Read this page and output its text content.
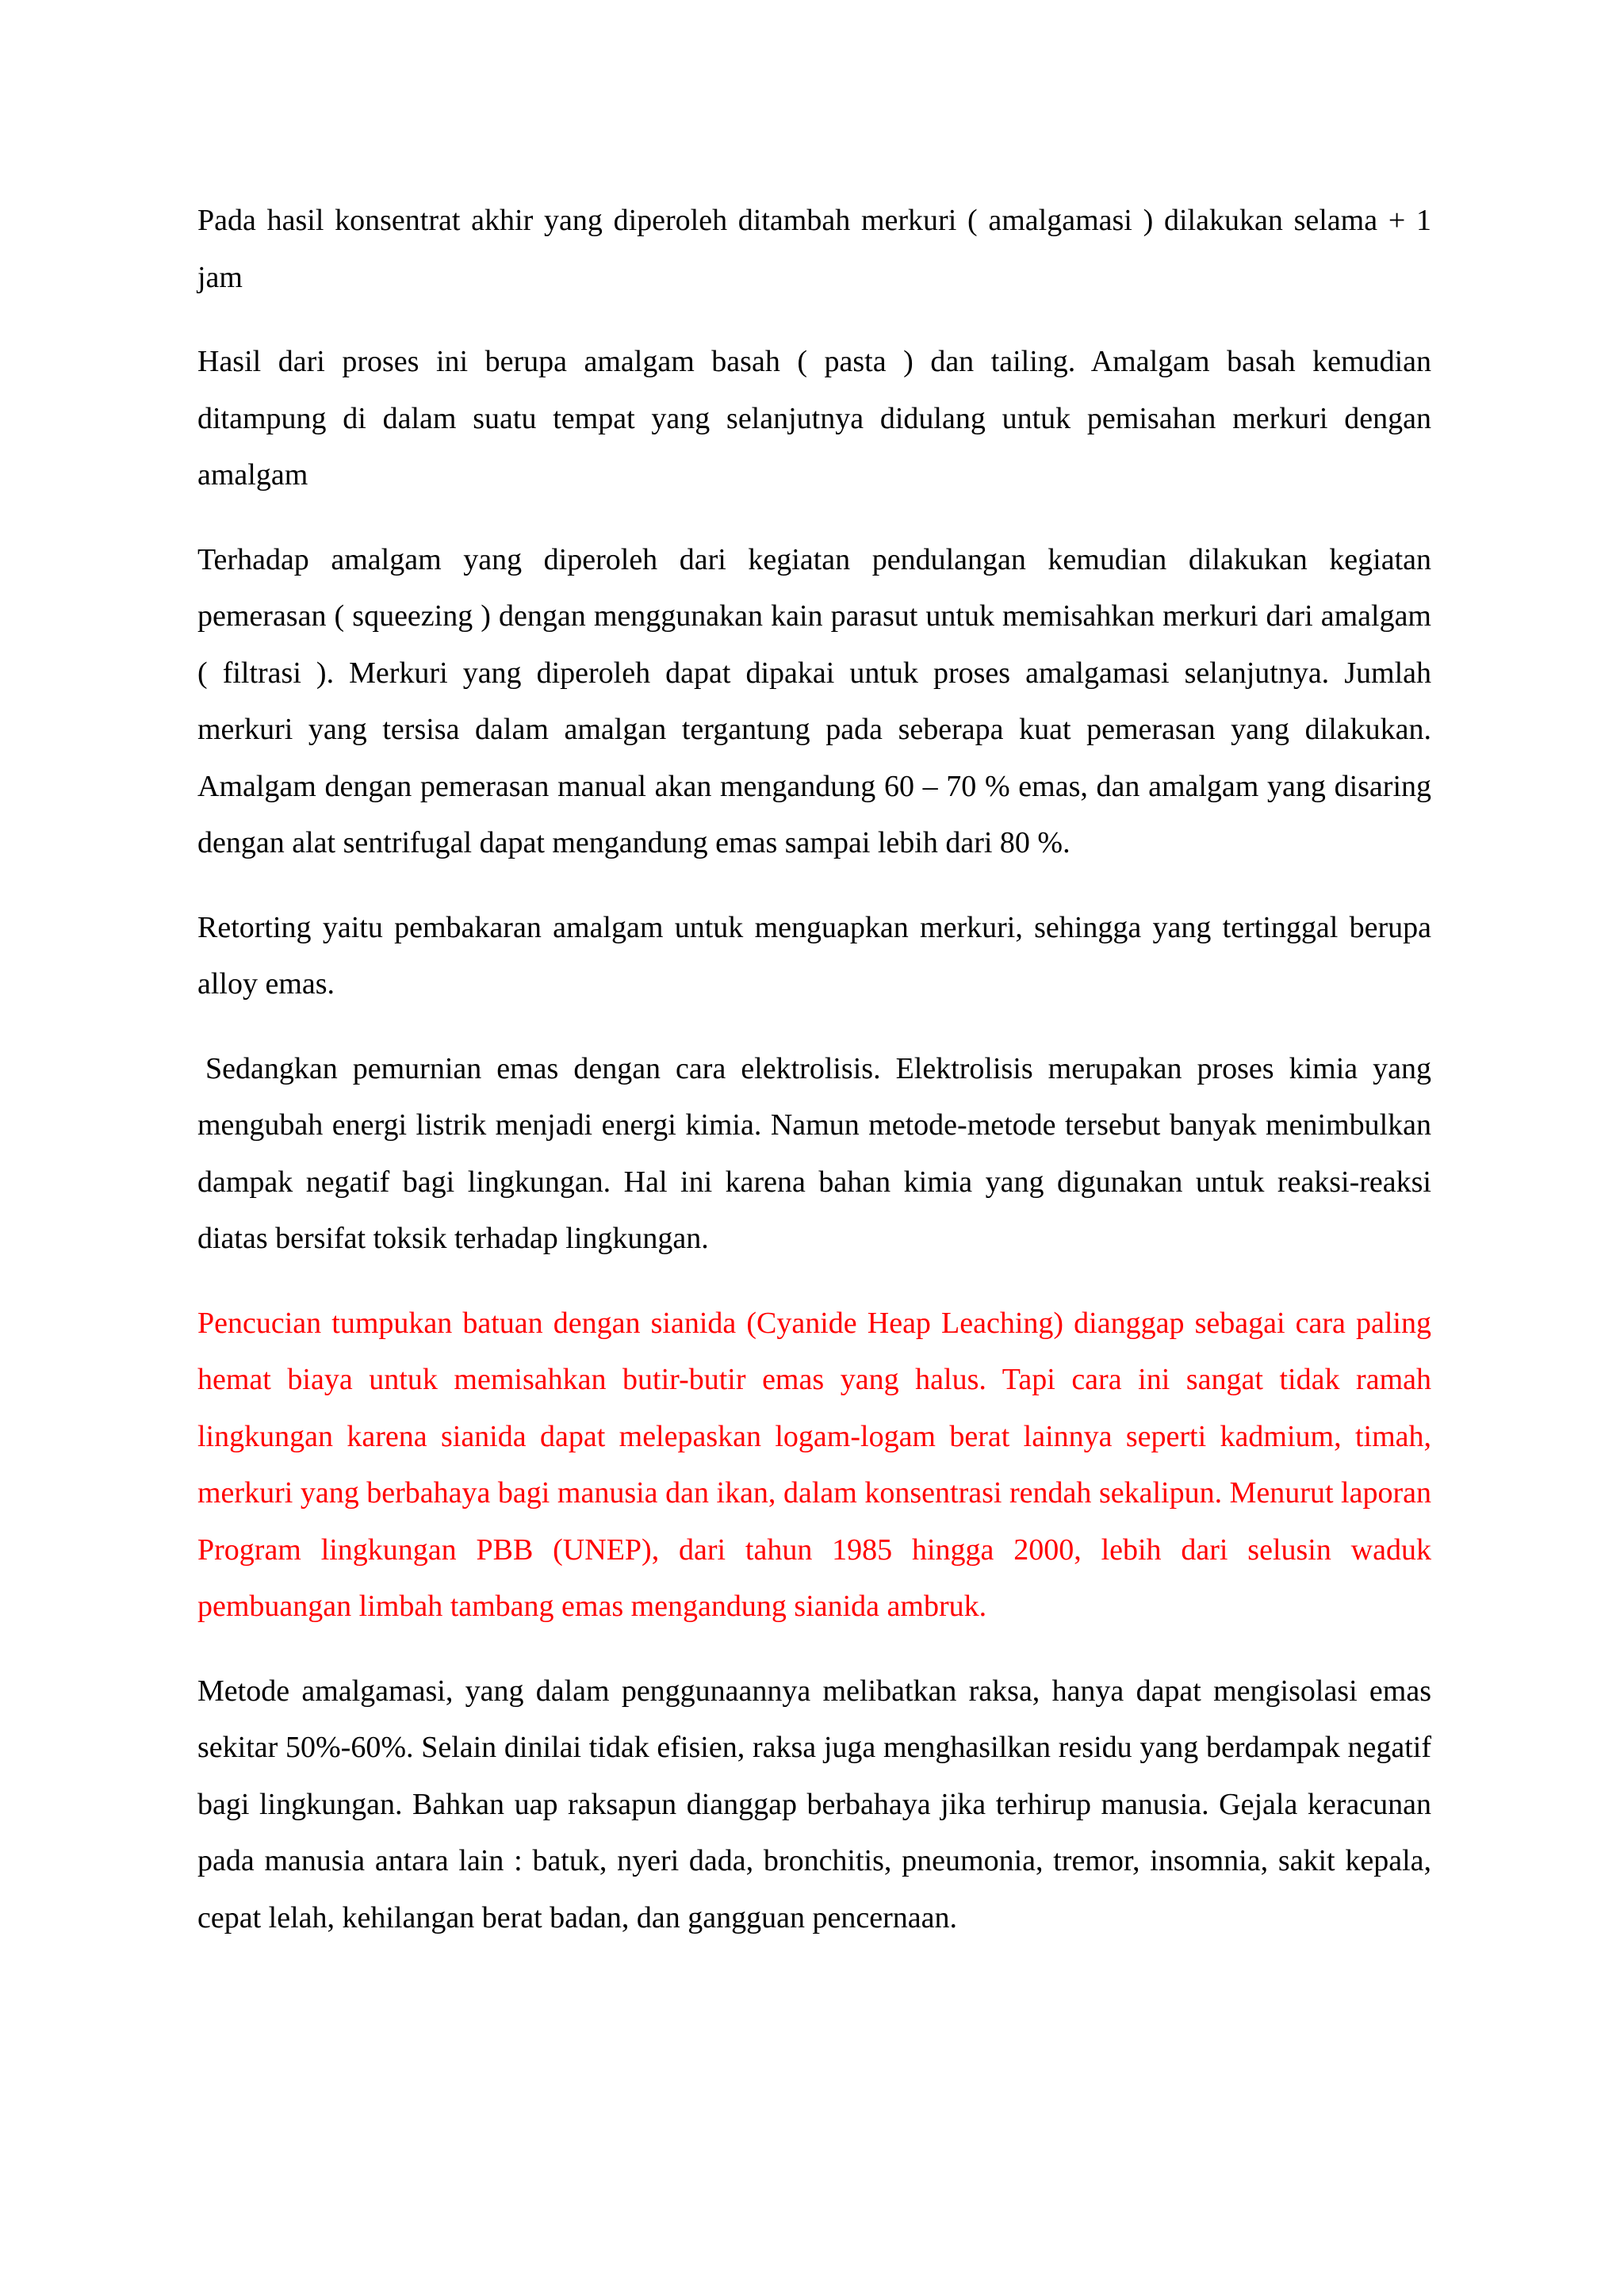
Pada hasil konsentrat akhir yang diperoleh ditambah merkuri ( amalgamasi ) dilakukan selama + 1 jam

Hasil dari proses ini berupa amalgam basah ( pasta ) dan tailing. Amalgam basah kemudian ditampung di dalam suatu tempat yang selanjutnya didulang untuk pemisahan merkuri dengan amalgam

Terhadap amalgam yang diperoleh dari kegiatan pendulangan kemudian dilakukan kegiatan pemerasan ( squeezing ) dengan menggunakan kain parasut untuk memisahkan merkuri dari amalgam ( filtrasi ). Merkuri yang diperoleh dapat dipakai untuk proses amalgamasi selanjutnya. Jumlah merkuri yang tersisa dalam amalgan tergantung pada seberapa kuat pemerasan yang dilakukan. Amalgam dengan pemerasan manual akan mengandung 60 – 70 % emas, dan amalgam yang disaring dengan alat sentrifugal dapat mengandung emas sampai lebih dari 80 %.

Retorting yaitu pembakaran amalgam untuk menguapkan merkuri, sehingga yang tertinggal berupa alloy emas.

Sedangkan pemurnian emas dengan cara elektrolisis. Elektrolisis merupakan proses kimia yang mengubah energi listrik menjadi energi kimia. Namun metode-metode tersebut banyak menimbulkan dampak negatif bagi lingkungan. Hal ini karena bahan kimia yang digunakan untuk reaksi-reaksi diatas bersifat toksik terhadap lingkungan.

Pencucian tumpukan batuan dengan sianida (Cyanide Heap Leaching) dianggap sebagai cara paling hemat biaya untuk memisahkan butir-butir emas yang halus. Tapi cara ini sangat tidak ramah lingkungan karena sianida dapat melepaskan logam-logam berat lainnya seperti kadmium, timah, merkuri yang berbahaya bagi manusia dan ikan, dalam konsentrasi rendah sekalipun. Menurut laporan Program lingkungan PBB (UNEP), dari tahun 1985 hingga 2000, lebih dari selusin waduk pembuangan limbah tambang emas mengandung sianida ambruk.

Metode amalgamasi, yang dalam penggunaannya melibatkan raksa, hanya dapat mengisolasi emas sekitar 50%-60%. Selain dinilai tidak efisien, raksa juga menghasilkan residu yang berdampak negatif bagi lingkungan. Bahkan uap raksapun dianggap berbahaya jika terhirup manusia. Gejala keracunan pada manusia antara lain : batuk, nyeri dada, bronchitis, pneumonia, tremor, insomnia, sakit kepala, cepat lelah, kehilangan berat badan, dan gangguan pencernaan.
